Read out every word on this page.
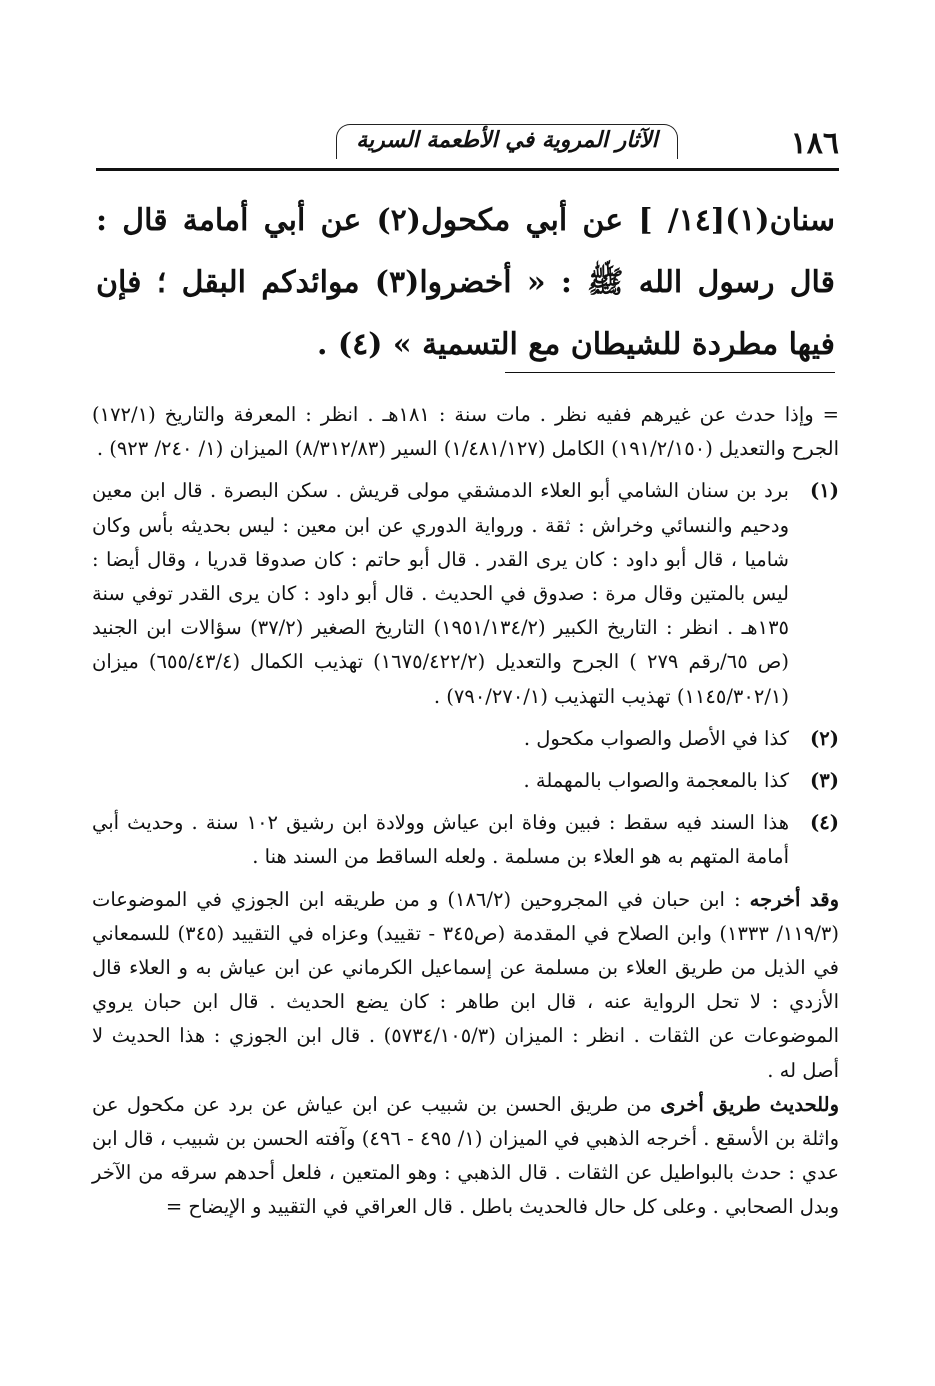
١٨٦
الآثار المروية في الأطعمة السرية

سنان(١)[١٤/ ] عن أبي مكحول(٢) عن أبي أمامة قال : قال رسول الله ﷺ : « أخضروا(٣) موائدكم البقل ؛ فإن فيها مطردة للشيطان مع التسمية » (٤) .

= وإذا حدث عن غيرهم ففيه نظر . مات سنة : ١٨١هـ . انظر : المعرفة والتاريخ (١٧٢/١) الجرح والتعديل (١٩١/٢/١٥٠) الكامل (١/٤٨١/١٢٧) السير (٨/٣١٢/٨٣) الميزان (١/ ٢٤٠/ ٩٢٣) .

(١)
برد بن سنان الشامي أبو العلاء الدمشقي مولى قريش . سكن البصرة . قال ابن معين ودحيم والنسائي وخراش : ثقة . ورواية الدوري عن ابن معين : ليس بحديثه بأس وكان شاميا ، قال أبو داود : كان يرى القدر . قال أبو حاتم : كان صدوقا قدريا ، وقال أيضا : ليس بالمتين وقال مرة : صدوق في الحديث . قال أبو داود : كان يرى القدر توفي سنة ١٣٥هـ . انظر : التاريخ الكبير (١٩٥١/١٣٤/٢) التاريخ الصغير (٣٧/٢) سؤالات ابن الجنيد (ص ٦٥/رقم ٢٧٩ ) الجرح والتعديل (١٦٧٥/٤٢٢/٢) تهذيب الكمال (٦٥٥/٤٣/٤) ميزان (١١٤٥/٣٠٢/١) تهذيب التهذيب (٧٩٠/٢٧٠/١) .
(٢)
كذا في الأصل والصواب مكحول .
(٣)
كذا بالمعجمة والصواب بالمهملة .
(٤)
هذا السند فيه سقط : فبين وفاة ابن عياش وولادة ابن رشيق ١٠٢ سنة . وحديث أبي أمامة المتهم به هو العلاء بن مسلمة . ولعله الساقط من السند هنا .

وقد أخرجه : ابن حبان في المجروحين (١٨٦/٢) و من طريقه ابن الجوزي في الموضوعات (١١٩/٣/ ١٣٣٣) وابن الصلاح في المقدمة (ص٣٤٥ - تقييد) وعزاه في التقييد (٣٤٥) للسمعاني في الذيل من طريق العلاء بن مسلمة عن إسماعيل الكرماني عن ابن عياش به و العلاء قال الأزدي : لا تحل الرواية عنه ، قال ابن طاهر : كان يضع الحديث . قال ابن حبان يروي الموضوعات عن الثقات . انظر : الميزان (٥٧٣٤/١٠٥/٣) . قال ابن الجوزي : هذا الحديث لا أصل له .

وللحديث طريق أخرى من طريق الحسن بن شبيب عن ابن عياش عن برد عن مكحول عن واثلة بن الأسقع . أخرجه الذهبي في الميزان (١/ ٤٩٥ - ٤٩٦) وآفته الحسن بن شبيب ، قال ابن عدي : حدث بالبواطيل عن الثقات . قال الذهبي : وهو المتعين ، فلعل أحدهم سرقه من الآخر وبدل الصحابي . وعلى كل حال فالحديث باطل . قال العراقي في التقييد و الإيضاح =
